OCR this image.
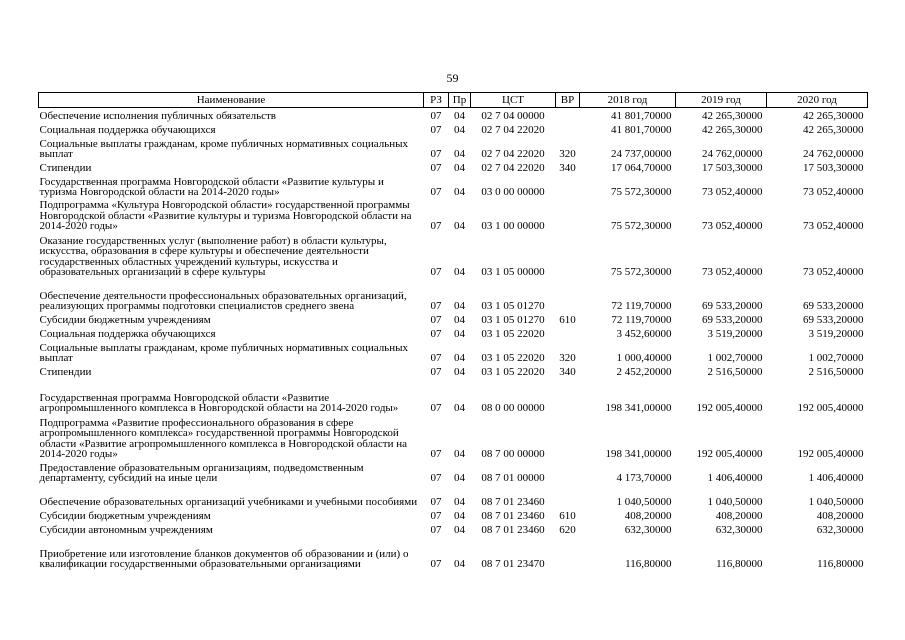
59
Наименование	РЗ	Пр	ЦСТ	ВР	2018 год	2019 год	2020 год
Обеспечение исполнения публичных обязательств	07	04	02 7 04 00000		41 801,70000	42 265,30000	42 265,30000
Социальная поддержка обучающихся	07	04	02 7 04 22020		41 801,70000	42 265,30000	42 265,30000
Социальные выплаты гражданам, кроме публичных нормативных социальных выплат	07	04	02 7 04 22020	320	24 737,00000	24 762,00000	24 762,00000
Стипендии	07	04	02 7 04 22020	340	17 064,70000	17 503,30000	17 503,30000
Государственная программа Новгородской области «Развитие культуры и туризма Новгородской области на 2014-2020 годы»	07	04	03 0 00 00000		75 572,30000	73 052,40000	73 052,40000
Подпрограмма «Культура Новгородской области» государственной программы Новгородской области «Развитие культуры и туризма Новгородской области на 2014-2020 годы»	07	04	03 1 00 00000		75 572,30000	73 052,40000	73 052,40000
Оказание государственных услуг (выполнение работ) в области культуры, искусства, образования в сфере культуры и обеспечение деятельности государственных областных учреждений культуры, искусства и образовательных организаций в сфере культуры	07	04	03 1 05 00000		75 572,30000	73 052,40000	73 052,40000
Обеспечение деятельности профессиональных образовательных организаций, реализующих программы подготовки специалистов среднего звена	07	04	03 1 05 01270		72 119,70000	69 533,20000	69 533,20000
Субсидии бюджетным учреждениям	07	04	03 1 05 01270	610	72 119,70000	69 533,20000	69 533,20000
Социальная поддержка обучающихся	07	04	03 1 05 22020		3 452,60000	3 519,20000	3 519,20000
Социальные выплаты гражданам, кроме публичных нормативных социальных выплат	07	04	03 1 05 22020	320	1 000,40000	1 002,70000	1 002,70000
Стипендии	07	04	03 1 05 22020	340	2 452,20000	2 516,50000	2 516,50000
Государственная программа Новгородской области «Развитие агропромышленного комплекса в Новгородской области на 2014-2020 годы»	07	04	08 0 00 00000		198 341,00000	192 005,40000	192 005,40000
Подпрограмма «Развитие профессионального образования в сфере агропромышленного комплекса» государственной программы Новгородской области «Развитие агропромышленного комплекса в Новгородской области на 2014-2020 годы»	07	04	08 7 00 00000		198 341,00000	192 005,40000	192 005,40000
Предоставление образовательным организациям, подведомственным департаменту, субсидий на иные цели	07	04	08 7 01 00000		4 173,70000	1 406,40000	1 406,40000
Обеспечение образовательных организаций учебниками и учебными пособиями	07	04	08 7 01 23460		1 040,50000	1 040,50000	1 040,50000
Субсидии бюджетным учреждениям	07	04	08 7 01 23460	610	408,20000	408,20000	408,20000
Субсидии автономным учреждениям	07	04	08 7 01 23460	620	632,30000	632,30000	632,30000
Приобретение или изготовление бланков документов об образовании и (или) о квалификации государственными образовательными организациями	07	04	08 7 01 23470		116,80000	116,80000	116,80000
